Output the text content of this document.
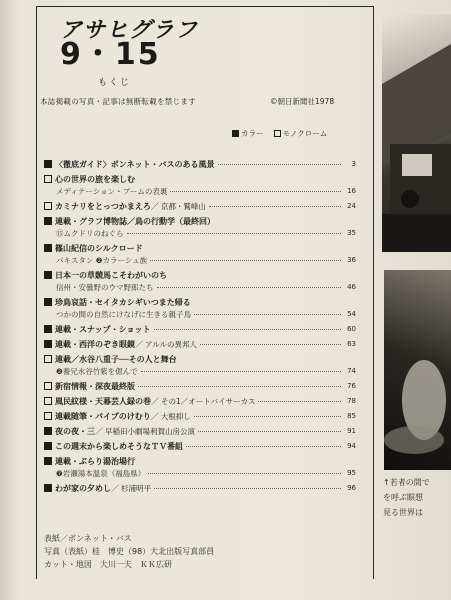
アサヒグラフ
9・15
もくじ
本誌掲載の写真・記事は無断転載を禁じます	©朝日新聞社1978
カラー	モノクローム
〈徹底ガイド〉ボンネット・バスのある風景	3
心の世界の旅を楽しむ
メディテーション・ブームの表裏	16
カミナリをとっつかまえろ ／ 京都・鷲峰山	24
連載・グラフ博物誌／鳥の行動学（最終回）
⑮ムクドリのねぐら	35
篠山紀信のシルクロード
パキスタン ❷カラーシュ族	36
日本一の草競馬こそわがいのち
信州・安曇野のウマ野郎たち	46
珍鳥哀話・セイタカシギいつまた帰る
つかの間の自然にけなげに生きる親子鳥	54
連載・スナップ・ショット	60
連載・西洋のぞき眼鏡 ／ アルルの異邦人	63
連載／水谷八重子──その人と舞台
❷養兄水谷竹紫を偲んで	74
新宿情報・深夜最終版	76
風民紋様・天幕芸人録の巻 ／ その1／オートバイサーカス	78
連載随筆・パイプのけむり ／ 大根抑し	85
夜の夜・三 ／ 早稲田小劇場利賀山房公演	91
この週末から楽しめそうなＴＶ番組	94
連載・ぶらり湯治場行
❼岩瀬湯本温泉（福島県）	95
わが家の夕めし ／ 杉浦明平	96
表紙／ボンネット・バス
写真（表紙）桂　博史（98）大北出版写真部員
カット・地図　大川一夫　ＫＫ広研
↑若者の間で
を呼ぶ瞑想
見る世界は
